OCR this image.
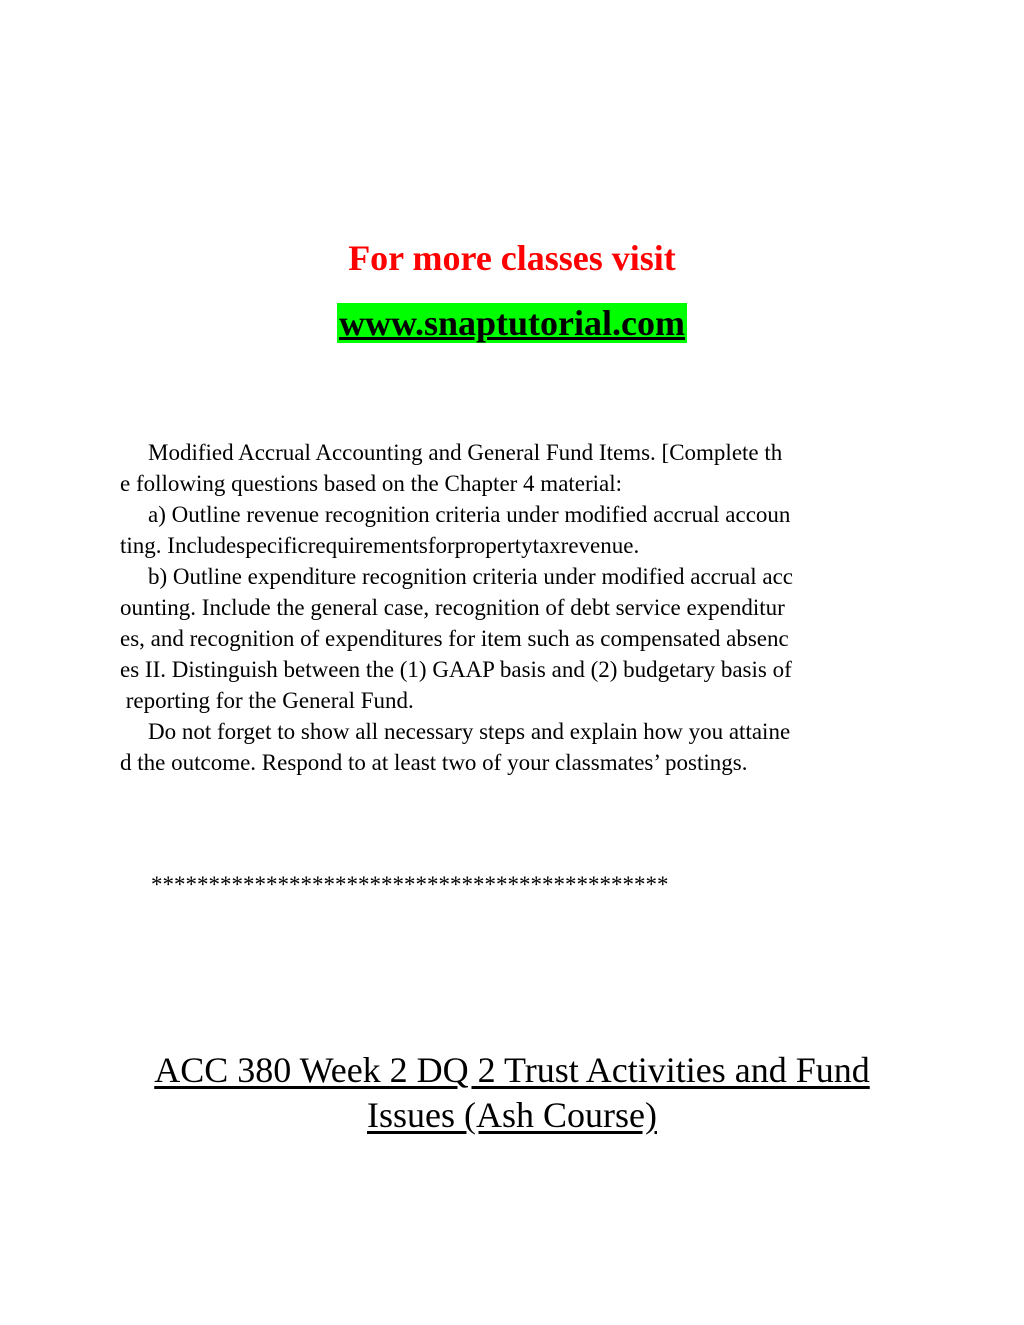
For more classes visit
www.snaptutorial.com
Modified Accrual Accounting and General Fund Items. [Complete th
e following questions based on the Chapter 4 material:
a) Outline revenue recognition criteria under modified accrual accoun
ting. Includespecificrequirementsforpropertytaxrevenue.
b) Outline expenditure recognition criteria under modified accrual acc
ounting. Include the general case, recognition of debt service expenditur
es, and recognition of expenditures for item such as compensated absenc
es II. Distinguish between the (1) GAAP basis and (2) budgetary basis of
reporting for the General Fund.
Do not forget to show all necessary steps and explain how you attaine
d the outcome. Respond to at least two of your classmates’ postings.
*********************************************
ACC 380 Week 2 DQ 2 Trust Activities and Fund
Issues (Ash Course)
